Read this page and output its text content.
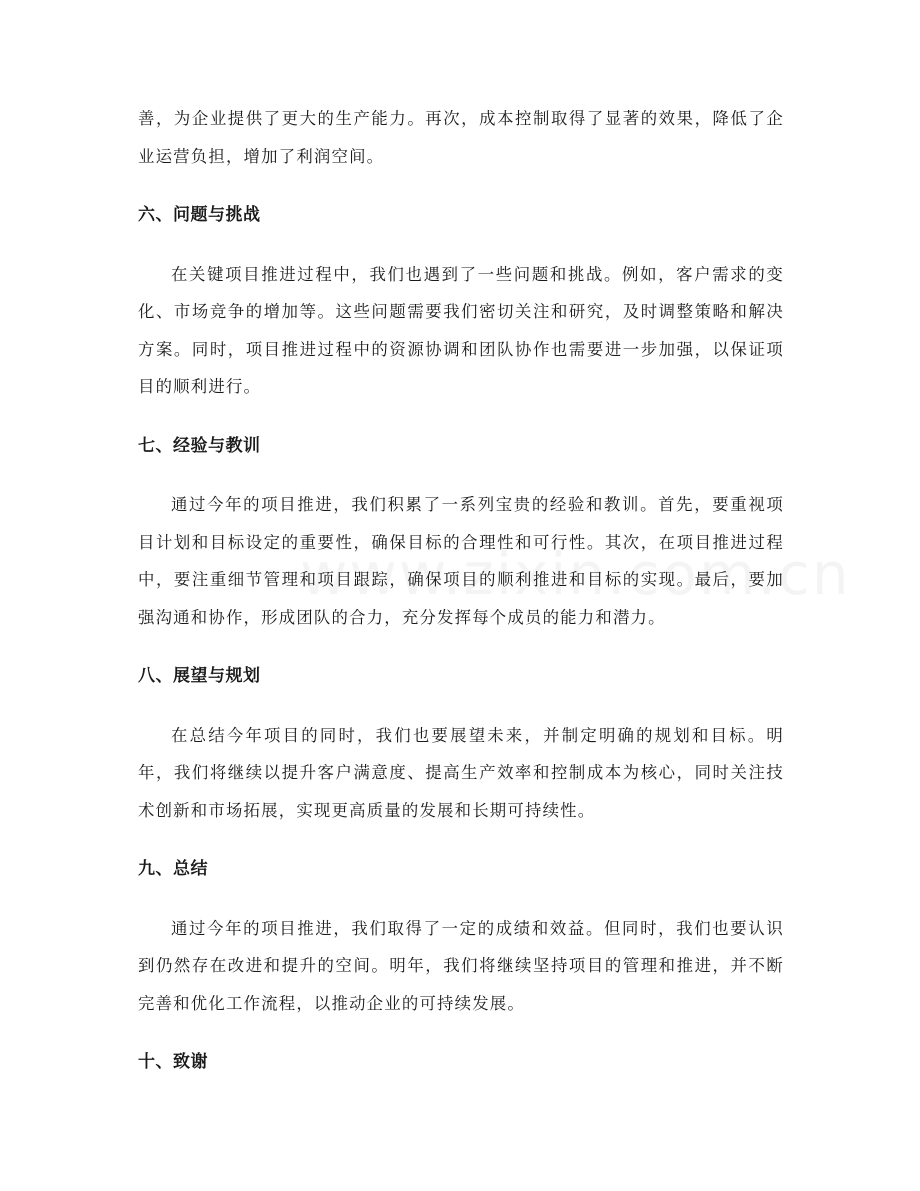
善，为企业提供了更大的生产能力。再次，成本控制取得了显著的效果，降低了企业运营负担，增加了利润空间。

六、问题与挑战

在关键项目推进过程中，我们也遇到了一些问题和挑战。例如，客户需求的变化、市场竞争的增加等。这些问题需要我们密切关注和研究，及时调整策略和解决方案。同时，项目推进过程中的资源协调和团队协作也需要进一步加强，以保证项目的顺利进行。

七、经验与教训

通过今年的项目推进，我们积累了一系列宝贵的经验和教训。首先，要重视项目计划和目标设定的重要性，确保目标的合理性和可行性。其次，在项目推进过程中，要注重细节管理和项目跟踪，确保项目的顺利推进和目标的实现。最后，要加强沟通和协作，形成团队的合力，充分发挥每个成员的能力和潜力。

八、展望与规划

在总结今年项目的同时，我们也要展望未来，并制定明确的规划和目标。明年，我们将继续以提升客户满意度、提高生产效率和控制成本为核心，同时关注技术创新和市场拓展，实现更高质量的发展和长期可持续性。

九、总结

通过今年的项目推进，我们取得了一定的成绩和效益。但同时，我们也要认识到仍然存在改进和提升的空间。明年，我们将继续坚持项目的管理和推进，并不断完善和优化工作流程，以推动企业的可持续发展。

十、致谢
